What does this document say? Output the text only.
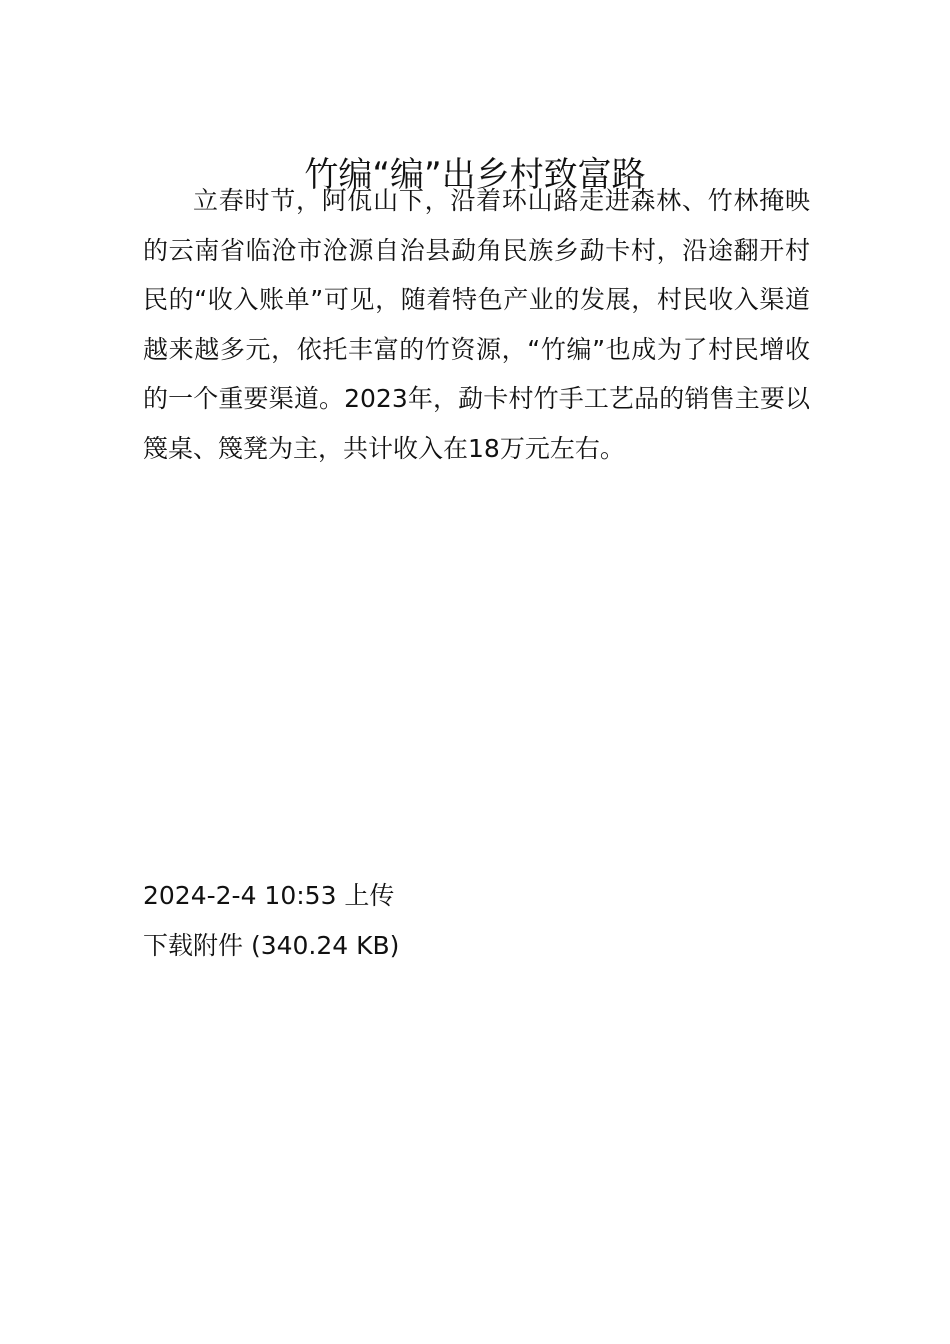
竹编“编”出乡村致富路

立春时节，阿佤山下，沿着环山路走进森林、竹林掩映的云南省临沧市沧源自治县勐角民族乡勐卡村，沿途翻开村民的“收入账单”可见，随着特色产业的发展，村民收入渠道越来越多元，依托丰富的竹资源，“竹编”也成为了村民增收的一个重要渠道。2023年，勐卡村竹手工艺品的销售主要以篾桌、篾凳为主，共计收入在18万元左右。

2024-2-4 10:53 上传
下载附件 (340.24 KB)
